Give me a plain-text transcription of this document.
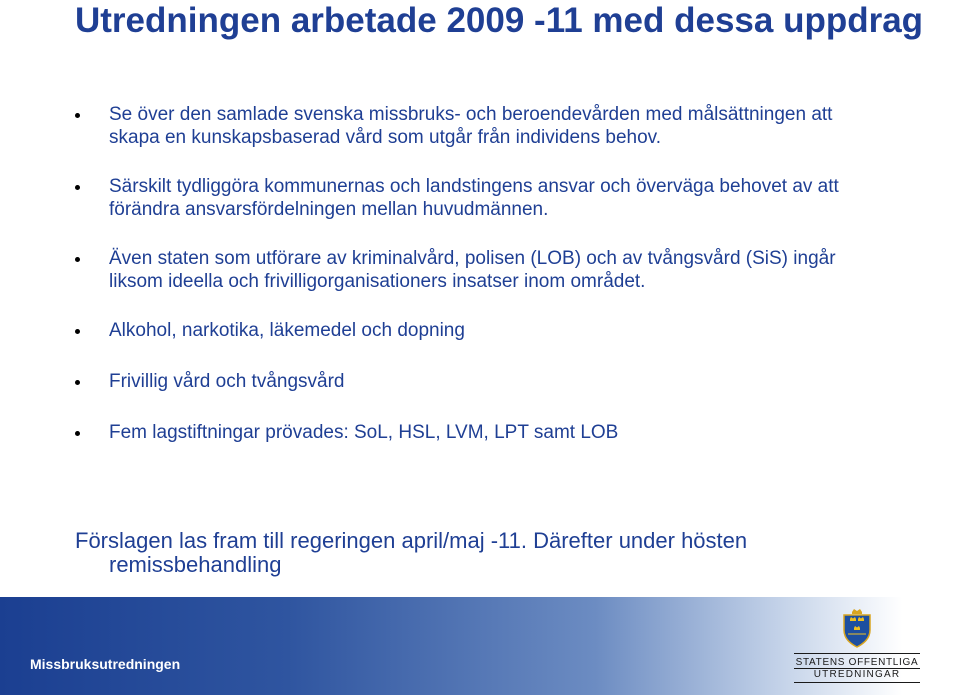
Utredningen arbetade 2009 -11 med dessa uppdrag
Se över den samlade svenska missbruks- och beroendevården med målsättningen att skapa en kunskapsbaserad vård som utgår från individens behov.
Särskilt tydliggöra kommunernas och landstingens ansvar och överväga behovet av att förändra ansvarsfördelningen mellan huvudmännen.
Även staten som utförare av kriminalvård, polisen (LOB) och av tvångsvård (SiS) ingår liksom ideella och frivilligorganisationers insatser inom området.
Alkohol, narkotika, läkemedel och dopning
Frivillig vård och tvångsvård
Fem lagstiftningar prövades: SoL, HSL, LVM, LPT samt LOB

Förslagen las fram till regeringen april/maj -11. Därefter under hösten
remissbehandling

Missbruksutredningen	STATENS OFFENTLIGA
UTREDNINGAR
